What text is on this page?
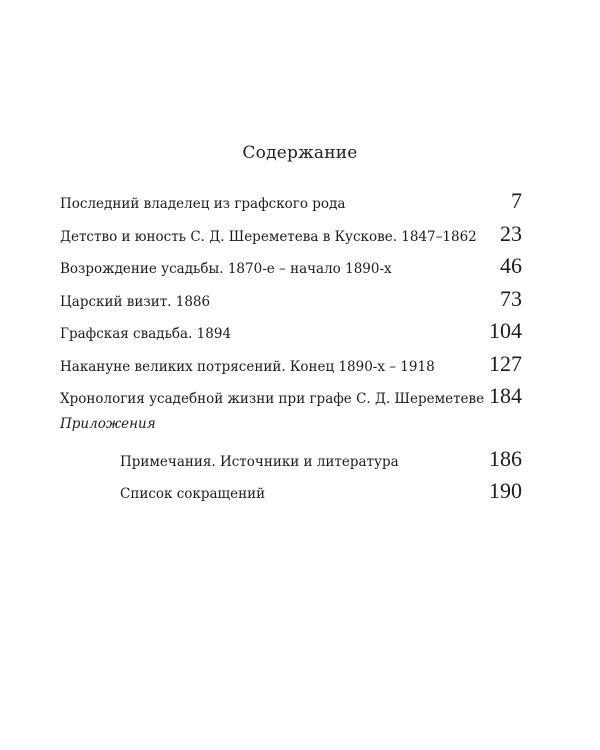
Содержание
Последний владелец из графского рода	7
Детство и юность С. Д. Шереметева в Кускове. 1847–1862 23
Возрождение усадьбы. 1870-е – начало 1890-х	46
Царский визит. 1886	73
Графская свадьба. 1894	104
Накануне великих потрясений. Конец 1890-х – 1918 127
Хронология усадебной жизни при графе С. Д. Шереметеве 184
Приложения
Примечания. Источники и литература	186
Список сокращений	190
